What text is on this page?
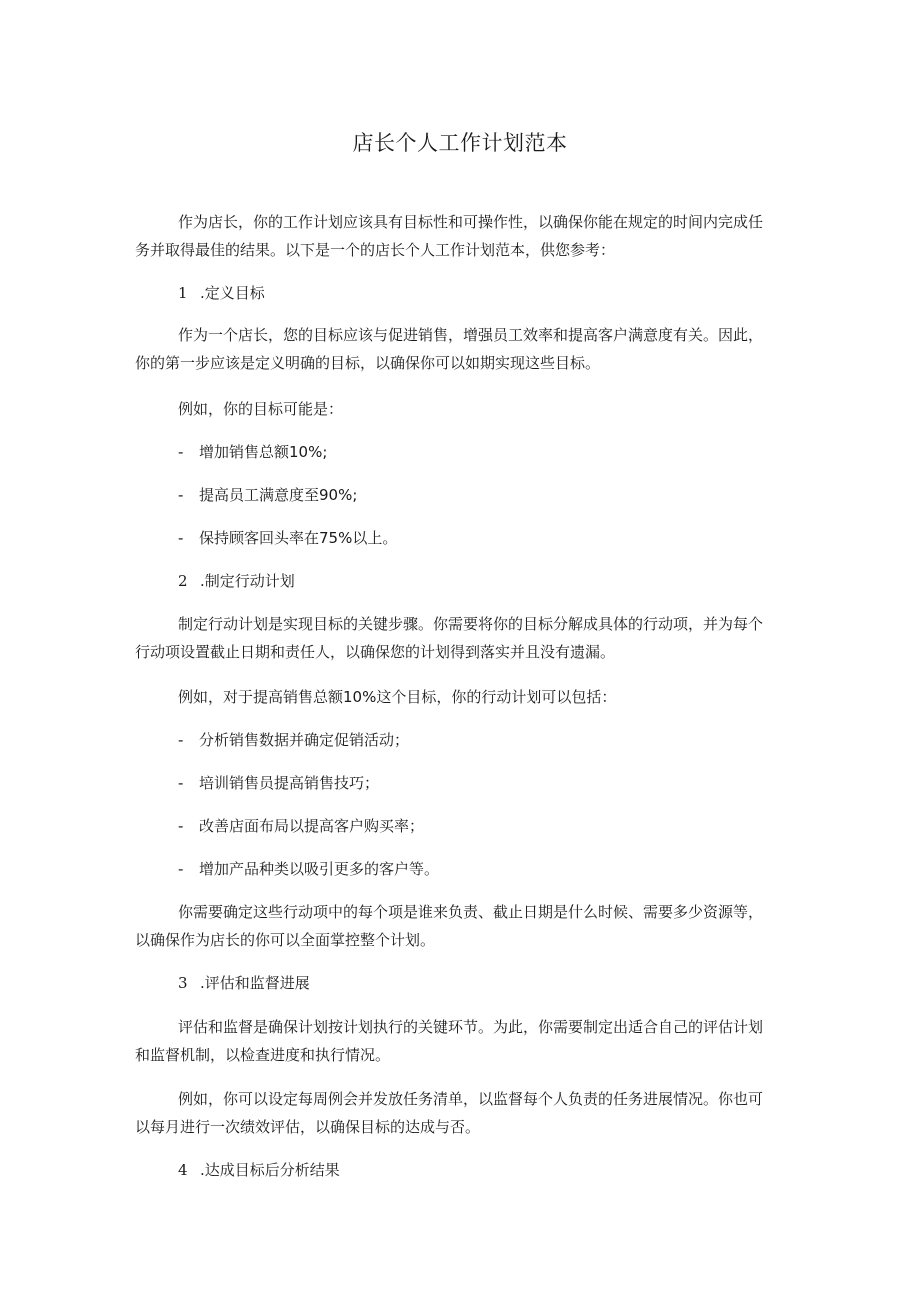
店长个人工作计划范本
作为店长，你的工作计划应该具有目标性和可操作性，以确保你能在规定的时间内完成任
务并取得最佳的结果。以下是一个的店长个人工作计划范本，供您参考：
1 .定义目标
作为一个店长，您的目标应该与促进销售，增强员工效率和提高客户满意度有关。因此，
你的第一步应该是定义明确的目标，以确保你可以如期实现这些目标。
例如，你的目标可能是：
- 增加销售总额10%;
- 提高员工满意度至90%;
- 保持顾客回头率在75%以上。
2 .制定行动计划
制定行动计划是实现目标的关键步骤。你需要将你的目标分解成具体的行动项，并为每个
行动项设置截止日期和责任人，以确保您的计划得到落实并且没有遗漏。
例如，对于提高销售总额10%这个目标，你的行动计划可以包括：
- 分析销售数据并确定促销活动；
- 培训销售员提高销售技巧；
- 改善店面布局以提高客户购买率；
- 增加产品种类以吸引更多的客户等。
你需要确定这些行动项中的每个项是谁来负责、截止日期是什么时候、需要多少资源等，
以确保作为店长的你可以全面掌控整个计划。
3 .评估和监督进展
评估和监督是确保计划按计划执行的关键环节。为此，你需要制定出适合自己的评估计划
和监督机制，以检查进度和执行情况。
例如，你可以设定每周例会并发放任务清单，以监督每个人负责的任务进展情况。你也可
以每月进行一次绩效评估，以确保目标的达成与否。
4 .达成目标后分析结果
